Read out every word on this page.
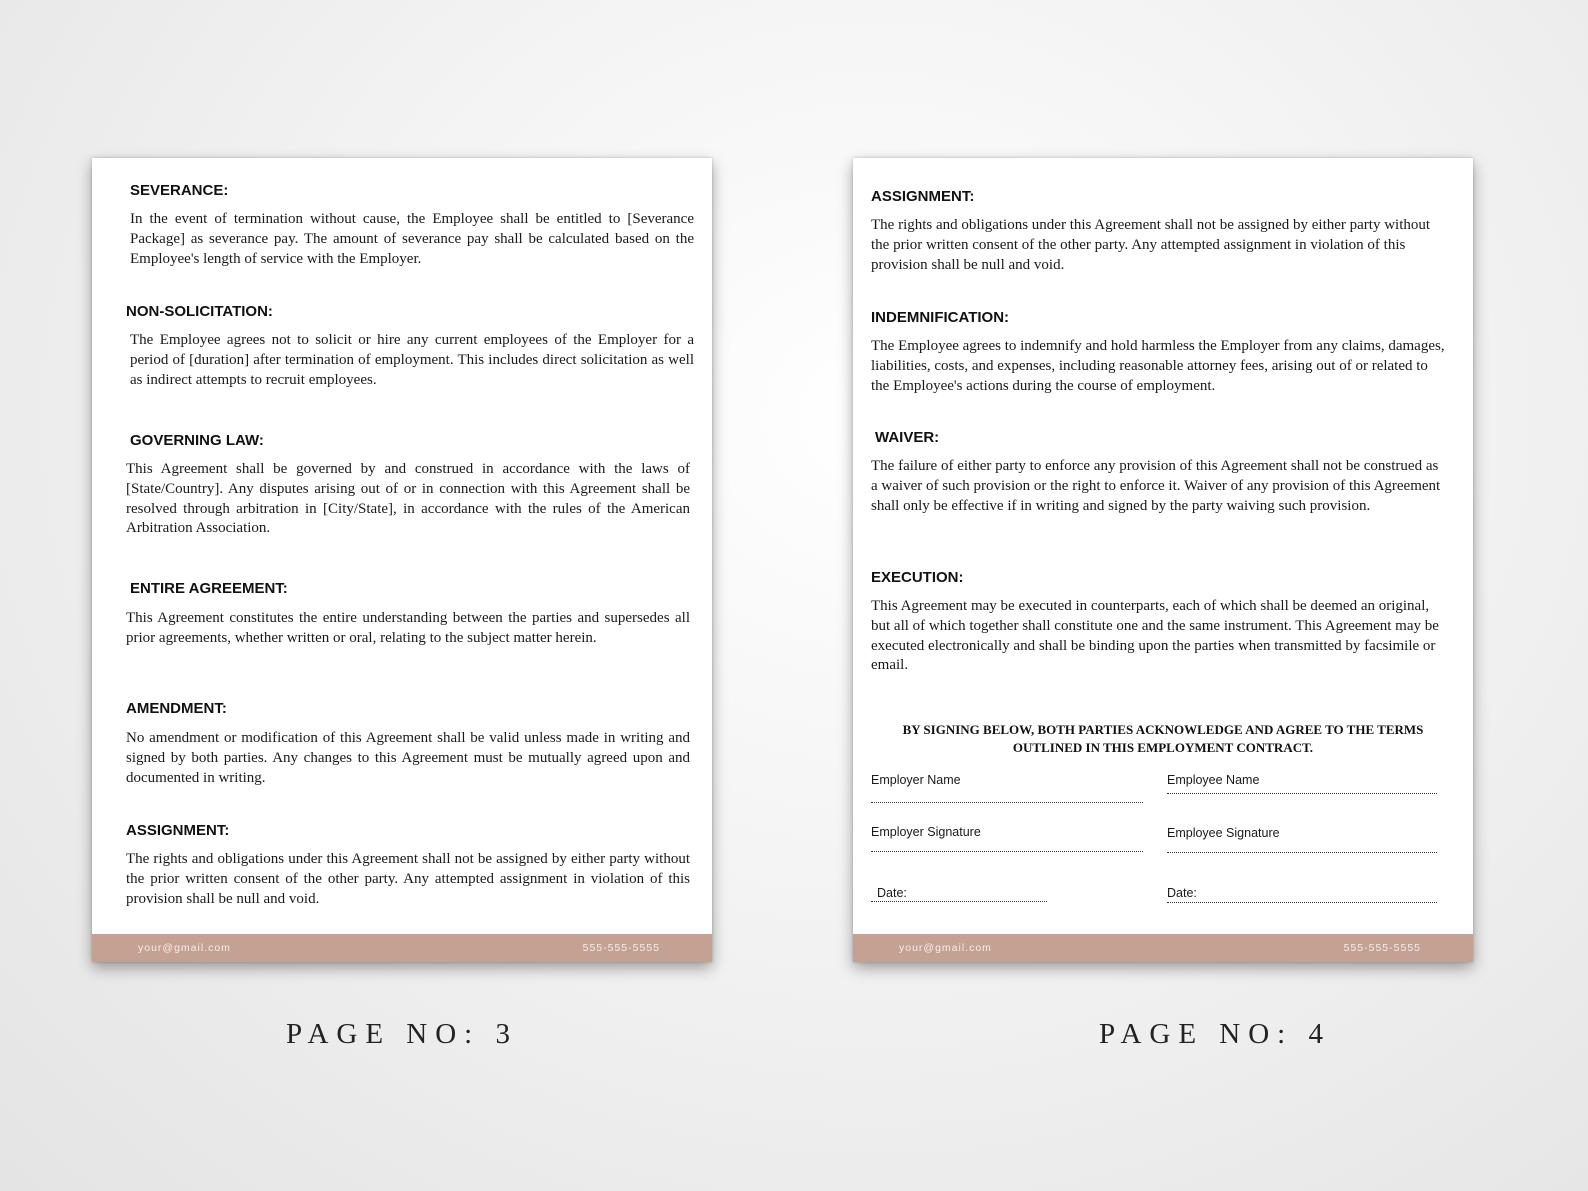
SEVERANCE:

In the event of termination without cause, the Employee shall be entitled to [Severance Package] as severance pay. The amount of severance pay shall be calculated based on the Employee's length of service with the Employer.

NON-SOLICITATION:

The Employee agrees not to solicit or hire any current employees of the Employer for a period of [duration] after termination of employment. This includes direct solicitation as well as indirect attempts to recruit employees.

GOVERNING LAW:

This Agreement shall be governed by and construed in accordance with the laws of [State/Country]. Any disputes arising out of or in connection with this Agreement shall be resolved through arbitration in [City/State], in accordance with the rules of the American Arbitration Association.

ENTIRE AGREEMENT:

This Agreement constitutes the entire understanding between the parties and supersedes all prior agreements, whether written or oral, relating to the subject matter herein.

AMENDMENT:

No amendment or modification of this Agreement shall be valid unless made in writing and signed by both parties. Any changes to this Agreement must be mutually agreed upon and documented in writing.

ASSIGNMENT:

The rights and obligations under this Agreement shall not be assigned by either party without the prior written consent of the other party. Any attempted assignment in violation of this provision shall be null and void.

your@gmail.com	555-555-5555

ASSIGNMENT:

The rights and obligations under this Agreement shall not be assigned by either party without the prior written consent of the other party. Any attempted assignment in violation of this provision shall be null and void.

INDEMNIFICATION:

The Employee agrees to indemnify and hold harmless the Employer from any claims, damages, liabilities, costs, and expenses, including reasonable attorney fees, arising out of or related to the Employee's actions during the course of employment.

WAIVER:

The failure of either party to enforce any provision of this Agreement shall not be construed as a waiver of such provision or the right to enforce it. Waiver of any provision of this Agreement shall only be effective if in writing and signed by the party waiving such provision.

EXECUTION:

This Agreement may be executed in counterparts, each of which shall be deemed an original, but all of which together shall constitute one and the same instrument. This Agreement may be executed electronically and shall be binding upon the parties when transmitted by facsimile or email.

BY SIGNING BELOW, BOTH PARTIES ACKNOWLEDGE AND AGREE TO THE TERMS OUTLINED IN THIS EMPLOYMENT CONTRACT.
Employer Name	Employee Name
Employer Signature	Employee Signature
Date:	Date:
your@gmail.com	555-555-5555
PAGE NO: 3	PAGE NO: 4
